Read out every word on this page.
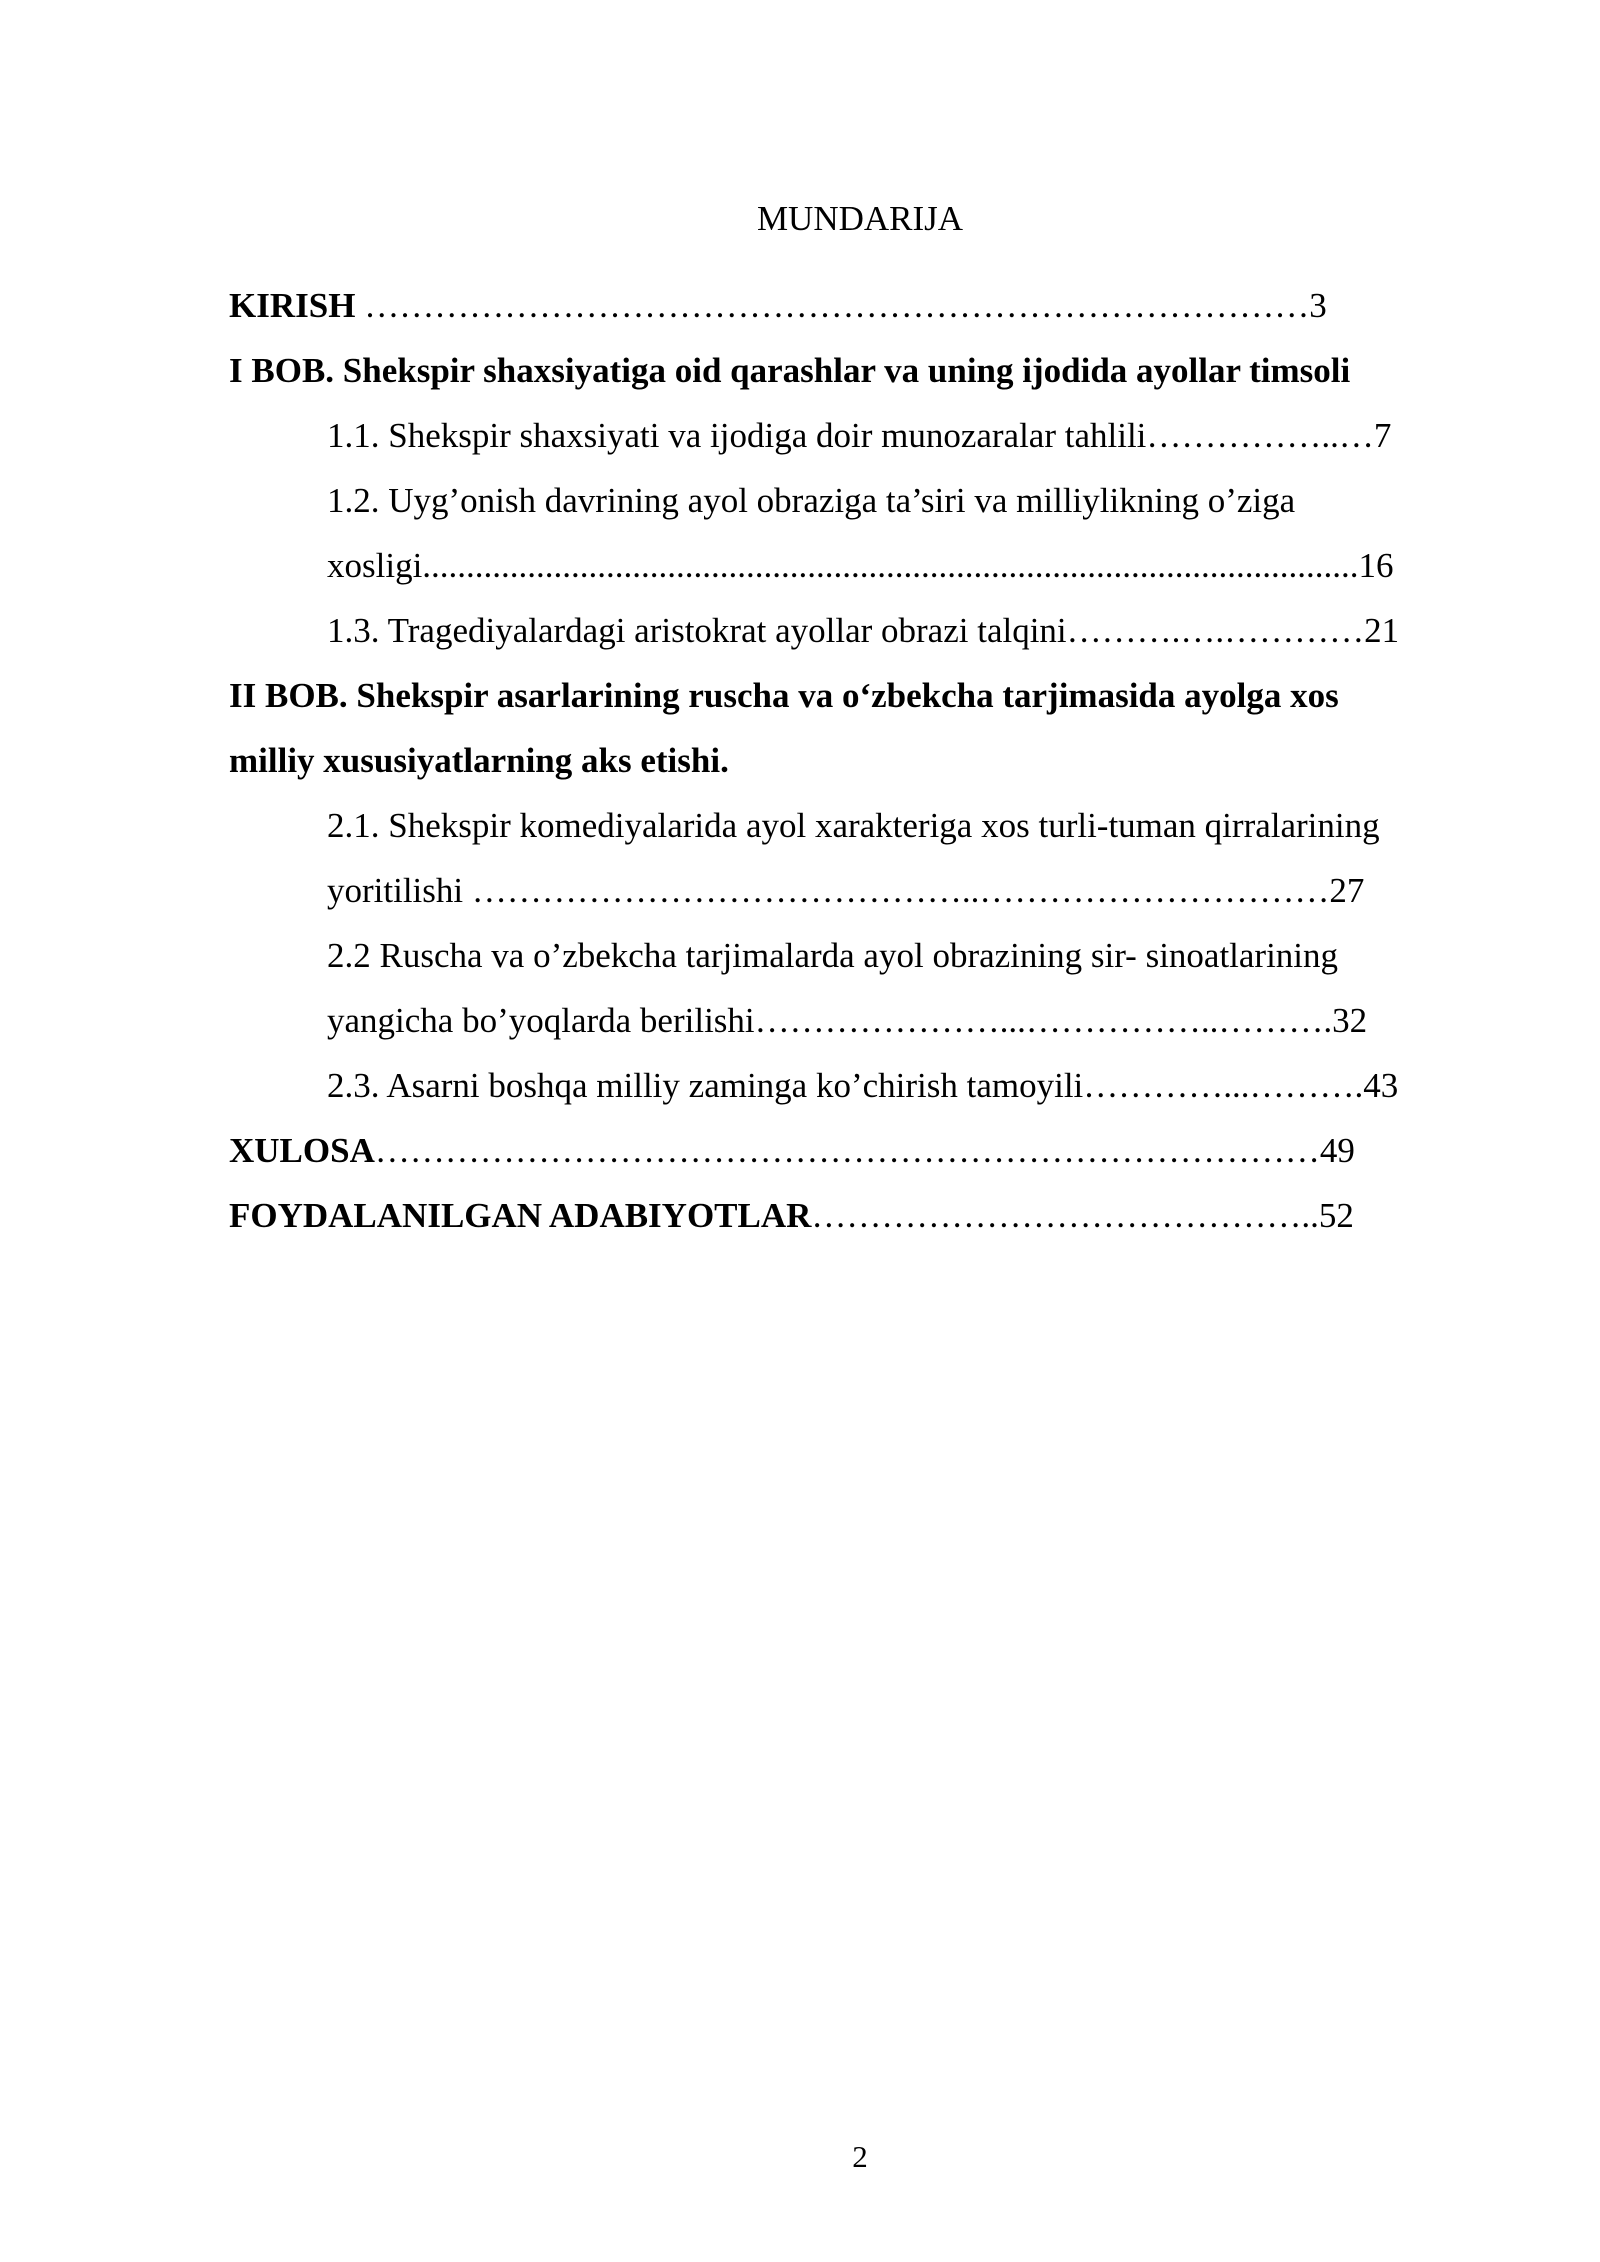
MUNDARIJA
KIRISH ………………………………………………………………………3
I BOB. Shekspir shaxsiyatiga oid qarashlar va uning ijodida ayollar timsoli
1.1. Shekspir shaxsiyati va ijodiga doir munozaralar tahlili……………..…7
1.2. Uyg’onish davrining ayol obraziga ta’siri va milliylikning o’ziga
xosligi...........................................................................................................16
1.3. Tragediyalardagi aristokrat ayollar obrazi talqini……….….…………21
II BOB. Shekspir asarlarining ruscha va o‘zbekcha tarjimasida ayolga xos
milliy xususiyatlarning aks etishi.
2.1. Shekspir komediyalarida ayol xarakteriga xos turli-tuman qirralarining
yoritilishi ……………………………………..…………………………27
2.2 Ruscha va o’zbekcha tarjimalarda ayol obrazining sir- sinoatlarining
yangicha bo’yoqlarda berilishi…………………...……………..……….32
2.3. Asarni boshqa milliy zaminga ko’chirish tamoyili…………...……….43
XULOSA………………………………………………………………………49
FOYDALANILGAN ADABIYOTLAR……………………………………..52
2
